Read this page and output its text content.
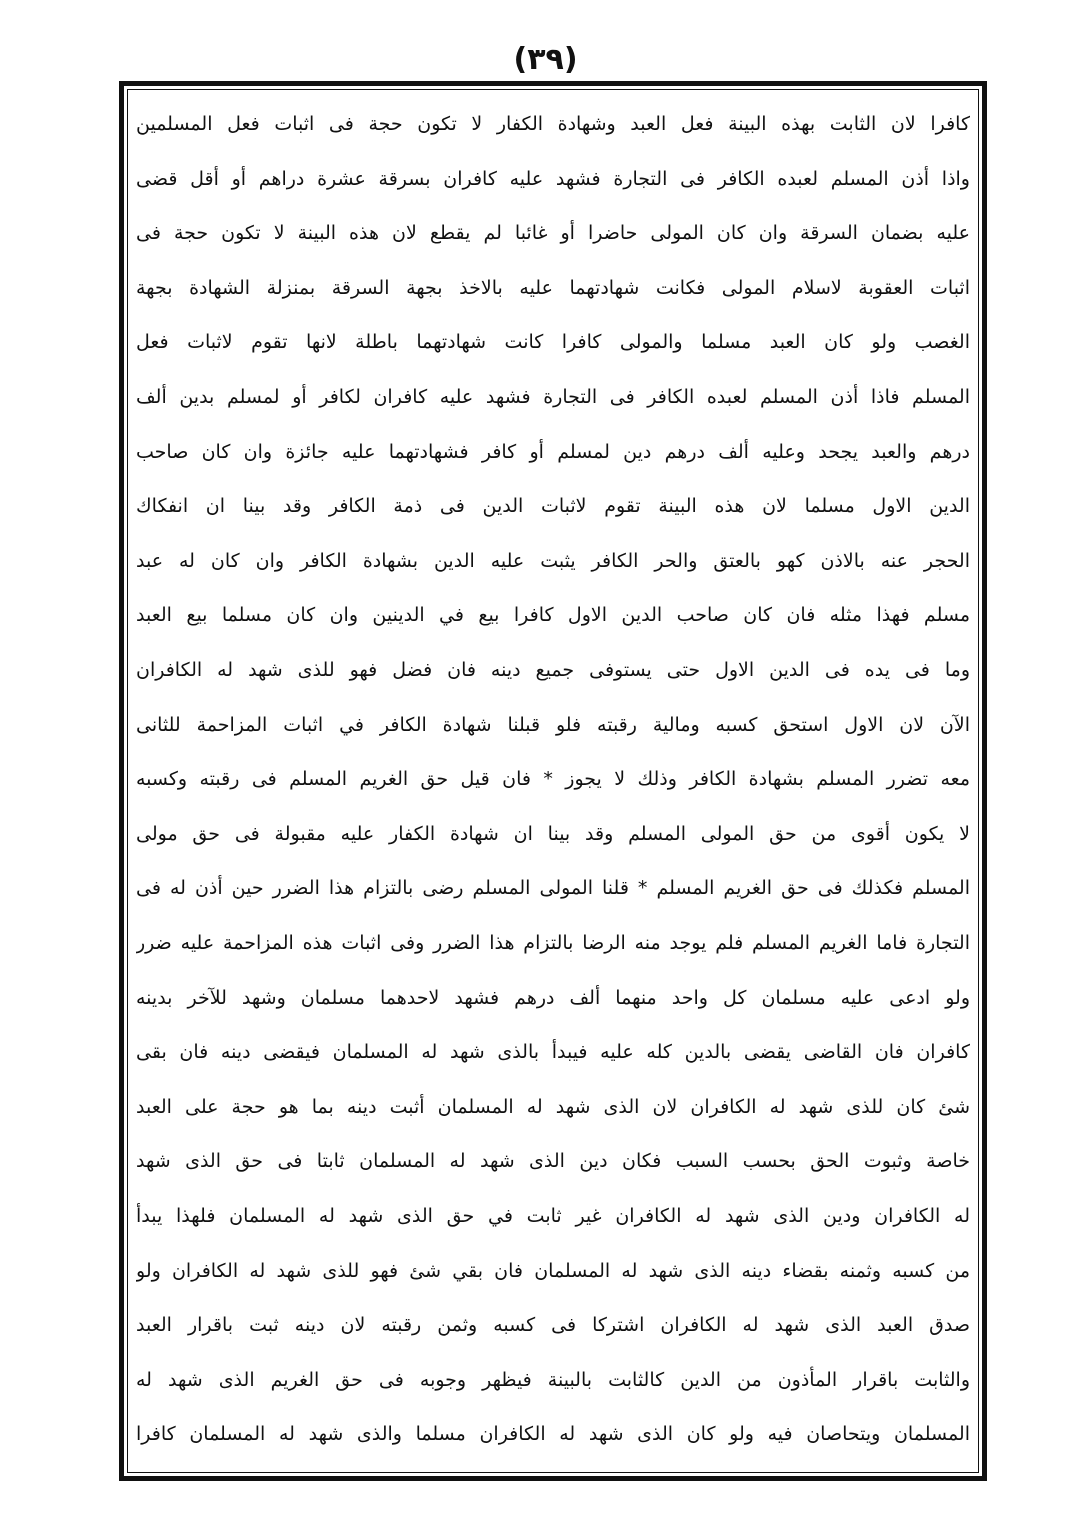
(٣٩)
كافرا لان الثابت بهذه البينة فعل العبد وشهادة الكفار لا تكون حجة فى اثبات فعل المسلمين
واذا أذن المسلم لعبده الكافر فى التجارة فشهد عليه كافران بسرقة عشرة دراهم أو أقل قضى
عليه بضمان السرقة وان كان المولى حاضرا أو غائبا لم يقطع لان هذه البينة لا تكون حجة فى
اثبات العقوبة لاسلام المولى فكانت شهادتهما عليه بالاخذ بجهة السرقة بمنزلة الشهادة بجهة
الغصب ولو كان العبد مسلما والمولى كافرا كانت شهادتهما باطلة لانها تقوم لاثبات فعل
المسلم فاذا أذن المسلم لعبده الكافر فى التجارة فشهد عليه كافران لكافر أو لمسلم بدين ألف
درهم والعبد يجحد وعليه ألف درهم دين لمسلم أو كافر فشهادتهما عليه جائزة وان كان صاحب
الدين الاول مسلما لان هذه البينة تقوم لاثبات الدين فى ذمة الكافر وقد بينا ان انفكاك
الحجر عنه بالاذن كهو بالعتق والحر الكافر يثبت عليه الدين بشهادة الكافر وان كان له عبد
مسلم فهذا مثله فان كان صاحب الدين الاول كافرا بيع في الدينين وان كان مسلما بيع العبد
وما فى يده فى الدين الاول حتى يستوفى جميع دينه فان فضل فهو للذى شهد له الكافران
الآن لان الاول استحق كسبه ومالية رقبته فلو قبلنا شهادة الكافر في اثبات المزاحمة للثانى
معه تضرر المسلم بشهادة الكافر وذلك لا يجوز * فان قيل حق الغريم المسلم فى رقبته وكسبه
لا يكون أقوى من حق المولى المسلم وقد بينا ان شهادة الكفار عليه مقبولة فى حق مولى
المسلم فكذلك فى حق الغريم المسلم * قلنا المولى المسلم رضى بالتزام هذا الضرر حين أذن له فى
التجارة فاما الغريم المسلم فلم يوجد منه الرضا بالتزام هذا الضرر وفى اثبات هذه المزاحمة عليه ضرر
ولو ادعى عليه مسلمان كل واحد منهما ألف درهم فشهد لاحدهما مسلمان وشهد للآخر بدينه
كافران فان القاضى يقضى بالدين كله عليه فيبدأ بالذى شهد له المسلمان فيقضى دينه فان بقى
شئ كان للذى شهد له الكافران لان الذى شهد له المسلمان أثبت دينه بما هو حجة على العبد
خاصة وثبوت الحق بحسب السبب فكان دين الذى شهد له المسلمان ثابتا فى حق الذى شهد
له الكافران ودين الذى شهد له الكافران غير ثابت في حق الذى شهد له المسلمان فلهذا يبدأ
من كسبه وثمنه بقضاء دينه الذى شهد له المسلمان فان بقي شئ فهو للذى شهد له الكافران ولو
صدق العبد الذى شهد له الكافران اشتركا فى كسبه وثمن رقبته لان دينه ثبت باقرار العبد
والثابت باقرار المأذون من الدين كالثابت بالبينة فيظهر وجوبه فى حق الغريم الذى شهد له
المسلمان ويتحاصان فيه ولو كان الذى شهد له الكافران مسلما والذى شهد له المسلمان كافرا
